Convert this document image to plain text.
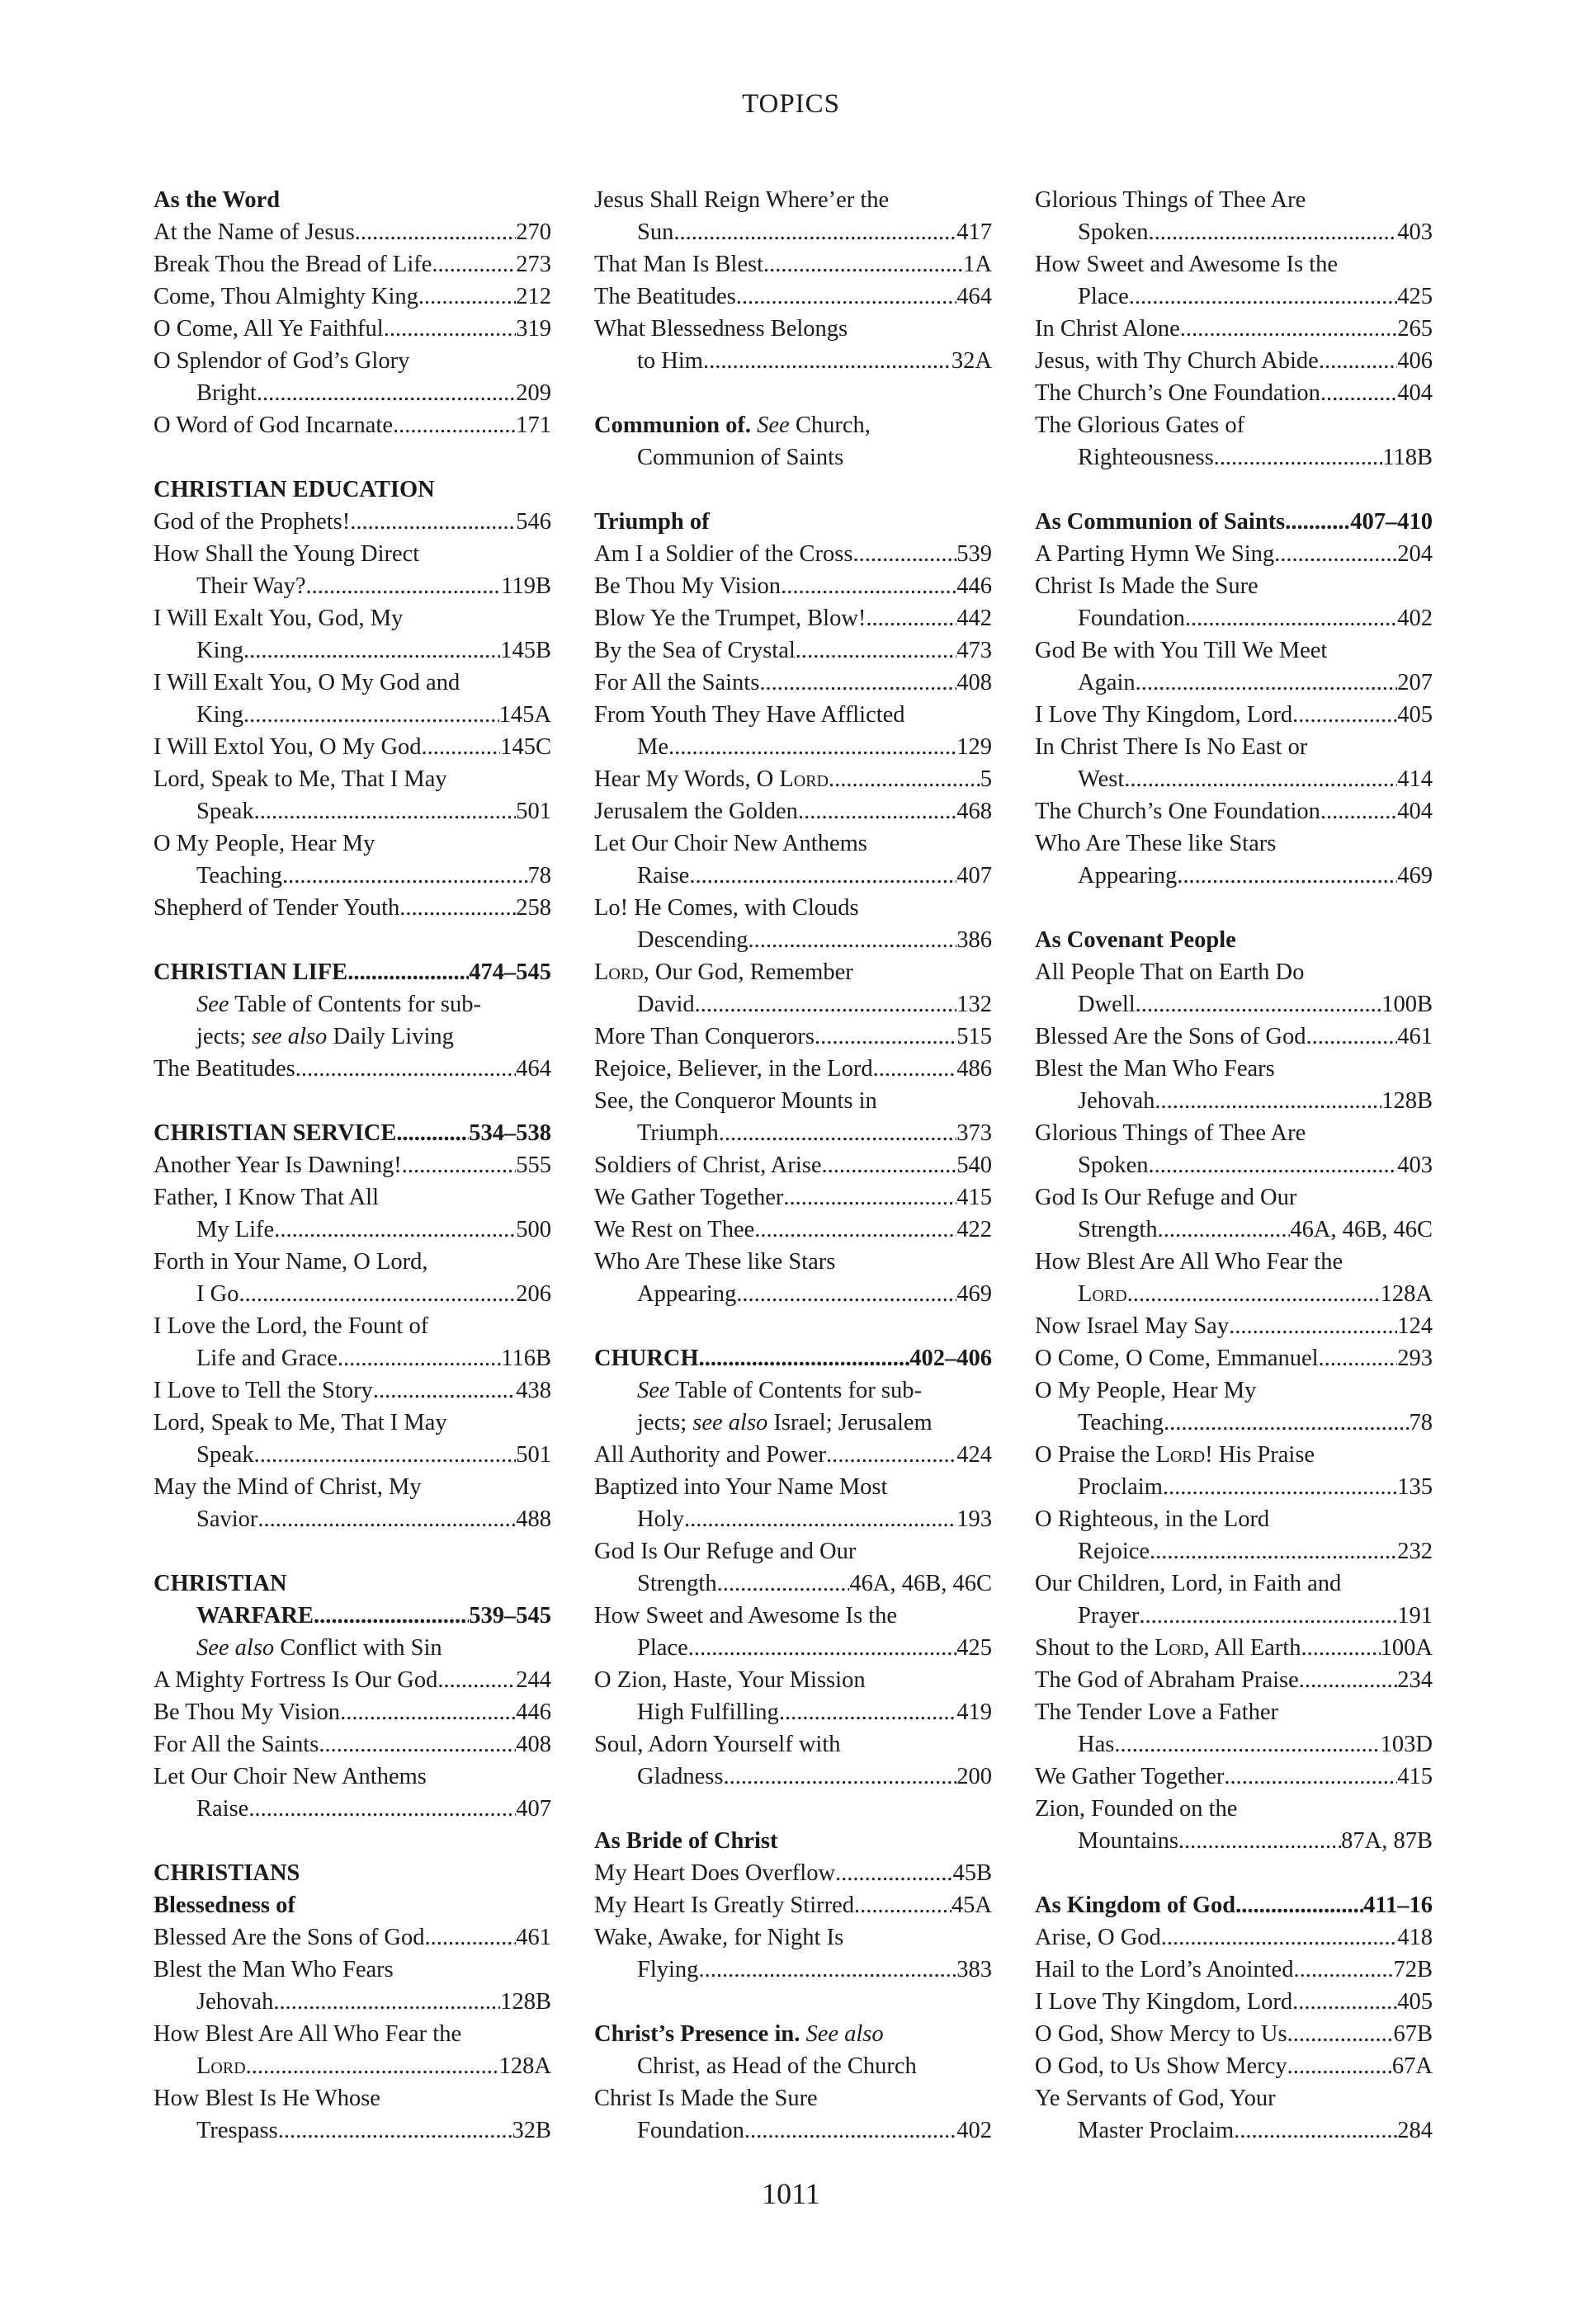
TOPICS
As the Word
At the Name of Jesus .....	270
Break Thou the Bread of Life .....	273
Come, Thou Almighty King .....	212
O Come, All Ye Faithful .....	319
O Splendor of God’s Glory
Bright .....	209
O Word of God Incarnate .....	171
CHRISTIAN EDUCATION
God of the Prophets! .....	546
How Shall the Young Direct
Their Way? .....	119B
I Will Exalt You, God, My
King .....	145B
I Will Exalt You, O My God and
King .....	145A
I Will Extol You, O My God .....	145C
Lord, Speak to Me, That I May
Speak .....	501
O My People, Hear My
Teaching .....	78
Shepherd of Tender Youth .....	258
CHRISTIAN LIFE .....	474–545
See Table of Contents for sub-
jects; see also Daily Living
The Beatitudes .....	464
CHRISTIAN SERVICE .....	534–538
Another Year Is Dawning! .....	555
Father, I Know That All
My Life .....	500
Forth in Your Name, O Lord,
I Go .....	206
I Love the Lord, the Fount of
Life and Grace .....	116B
I Love to Tell the Story .....	438
Lord, Speak to Me, That I May
Speak .....	501
May the Mind of Christ, My
Savior .....	488
CHRISTIAN
WARFARE .....	539–545
See also Conflict with Sin
A Mighty Fortress Is Our God .....	244
Be Thou My Vision .....	446
For All the Saints .....	408
Let Our Choir New Anthems
Raise .....	407
CHRISTIANS
Blessedness of
Blessed Are the Sons of God .....	461
Blest the Man Who Fears
Jehovah .....	128B
How Blest Are All Who Fear the
Lord .....	128A
How Blest Is He Whose
Trespass .....	32B
Jesus Shall Reign Where’er the
Sun .....	417
That Man Is Blest .....	1A
The Beatitudes .....	464
What Blessedness Belongs
to Him .....	32A
Communion of. See Church,
Communion of Saints
Triumph of
Am I a Soldier of the Cross .....	539
Be Thou My Vision .....	446
Blow Ye the Trumpet, Blow! .....	442
By the Sea of Crystal .....	473
For All the Saints .....	408
From Youth They Have Afflicted
Me .....	129
Hear My Words, O Lord .....	5
Jerusalem the Golden .....	468
Let Our Choir New Anthems
Raise .....	407
Lo! He Comes, with Clouds
Descending .....	386
Lord, Our God, Remember
David .....	132
More Than Conquerors .....	515
Rejoice, Believer, in the Lord .....	486
See, the Conqueror Mounts in
Triumph .....	373
Soldiers of Christ, Arise .....	540
We Gather Together .....	415
We Rest on Thee .....	422
Who Are These like Stars
Appearing .....	469
CHURCH .....	402–406
See Table of Contents for sub-
jects; see also Israel; Jerusalem
All Authority and Power .....	424
Baptized into Your Name Most
Holy .....	193
God Is Our Refuge and Our
Strength .....	46A, 46B, 46C
How Sweet and Awesome Is the
Place .....	425
O Zion, Haste, Your Mission
High Fulfilling .....	419
Soul, Adorn Yourself with
Gladness .....	200
As Bride of Christ
My Heart Does Overflow .....	45B
My Heart Is Greatly Stirred .....	45A
Wake, Awake, for Night Is
Flying .....	383
Christ’s Presence in. See also
Christ, as Head of the Church
Christ Is Made the Sure
Foundation .....	402
Glorious Things of Thee Are
Spoken .....	403
How Sweet and Awesome Is the
Place .....	425
In Christ Alone .....	265
Jesus, with Thy Church Abide .....	406
The Church’s One Foundation .....	404
The Glorious Gates of
Righteousness .....	118B
As Communion of Saints .....	407–410
A Parting Hymn We Sing .....	204
Christ Is Made the Sure
Foundation .....	402
God Be with You Till We Meet
Again .....	207
I Love Thy Kingdom, Lord .....	405
In Christ There Is No East or
West .....	414
The Church’s One Foundation .....	404
Who Are These like Stars
Appearing .....	469
As Covenant People
All People That on Earth Do
Dwell .....	100B
Blessed Are the Sons of God .....	461
Blest the Man Who Fears
Jehovah .....	128B
Glorious Things of Thee Are
Spoken .....	403
God Is Our Refuge and Our
Strength .....	46A, 46B, 46C
How Blest Are All Who Fear the
Lord .....	128A
Now Israel May Say .....	124
O Come, O Come, Emmanuel .....	293
O My People, Hear My
Teaching .....	78
O Praise the Lord! His Praise
Proclaim .....	135
O Righteous, in the Lord
Rejoice .....	232
Our Children, Lord, in Faith and
Prayer .....	191
Shout to the Lord, All Earth .....	100A
The God of Abraham Praise .....	234
The Tender Love a Father
Has .....	103D
We Gather Together .....	415
Zion, Founded on the
Mountains .....	87A, 87B
As Kingdom of God .....	411–16
Arise, O God .....	418
Hail to the Lord’s Anointed .....	72B
I Love Thy Kingdom, Lord .....	405
O God, Show Mercy to Us .....	67B
O God, to Us Show Mercy .....	67A
Ye Servants of God, Your
Master Proclaim .....	284
1011
